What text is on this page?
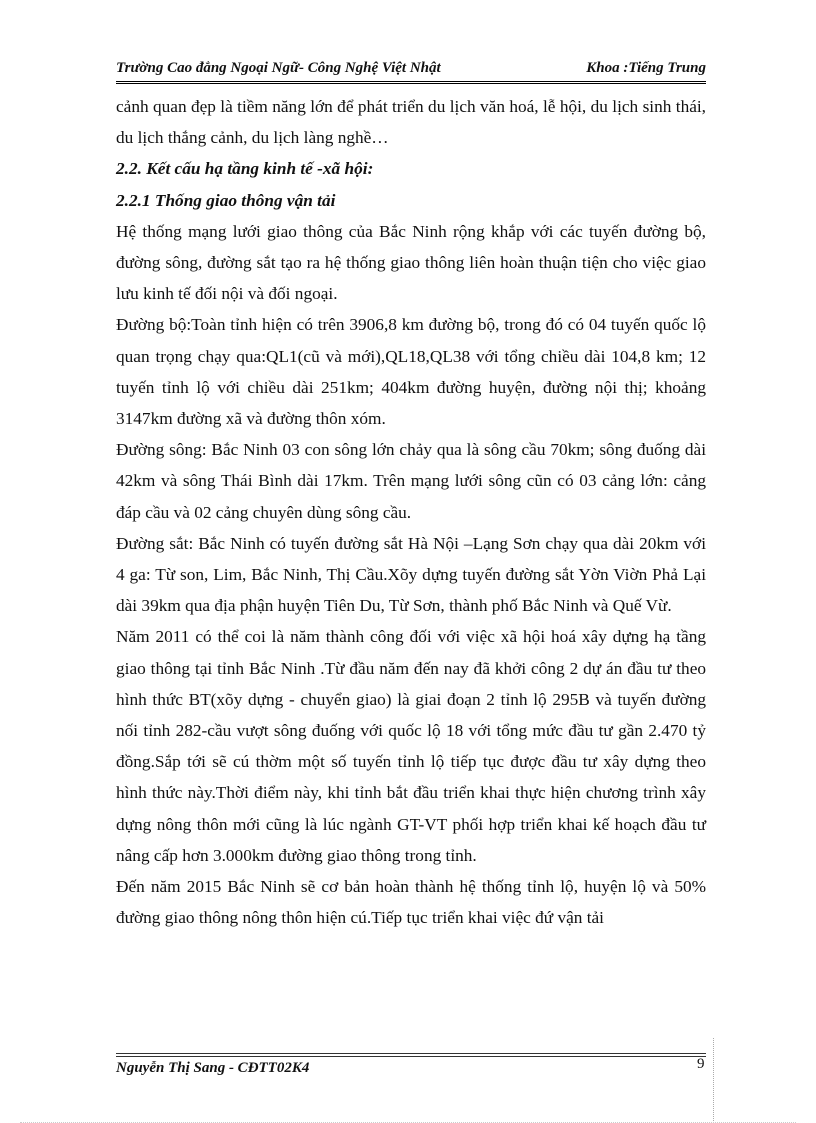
Trường Cao đẳng Ngoại Ngữ- Công Nghệ Việt Nhật	Khoa :Tiếng Trung

cảnh quan đẹp là tiềm năng lớn để phát triển du lịch văn hoá, lễ hội, du lịch sinh thái, du lịch thắng cảnh, du lịch làng nghề…

2.2. Kết cấu hạ tầng kinh tế -xã hội:
2.2.1 Thống giao thông vận tải

Hệ thống mạng lưới giao thông của Bắc Ninh rộng khắp với các tuyến đường bộ, đường sông, đường sắt tạo ra hệ thống giao thông liên hoàn thuận tiện cho việc giao lưu kinh tế đối nội và đối ngoại.

Đường bộ:Toàn tỉnh hiện có trên 3906,8 km đường bộ, trong đó có 04 tuyến quốc lộ quan trọng chạy qua:QL1(cũ và mới),QL18,QL38 với tổng chiều dài 104,8 km; 12 tuyến tỉnh lộ với chiều dài 251km; 404km đường huyện, đường nội thị; khoảng 3147km đường xã và đường thôn xóm.

Đường sông: Bắc Ninh 03 con sông lớn chảy qua là sông cầu 70km; sông đuống dài 42km và sông Thái Bình dài 17km. Trên mạng lưới sông cũn có 03 cảng lớn: cảng đáp cầu và 02 cảng chuyên dùng sông cầu.

Đường sắt: Bắc Ninh có tuyến đường sắt Hà Nội –Lạng Sơn chạy qua dài 20km với 4 ga: Từ son, Lim, Bắc Ninh, Thị Cầu.Xõy dựng tuyến đường sắt Yờn Viờn Phả Lại dài 39km qua địa phận huyện Tiên Du, Từ Sơn, thành phố Bắc Ninh và Quế Vừ.

Năm 2011 có thể coi là năm thành công đối với việc xã hội hoá xây dựng hạ tầng giao thông tại tỉnh Bắc Ninh .Từ đầu năm đến nay đã khởi công 2 dự án đầu tư theo hình thức BT(xõy dựng - chuyển giao) là giai đoạn 2 tỉnh lộ 295B và tuyến đường nối tỉnh 282-cầu vượt sông đuống với quốc lộ 18 với tổng mức đầu tư gần 2.470 tỷ đồng.Sắp tới sẽ cú thờm một số tuyến tỉnh lộ tiếp tục được đầu tư xây dựng theo hình thức này.Thời điểm này, khi tỉnh bắt đầu triển khai thực hiện chương trình xây dựng nông thôn mới cũng là lúc ngành GT-VT phối hợp triển khai kế hoạch đầu tư nâng cấp hơn 3.000km đường giao thông trong tỉnh.

Đến năm 2015 Bắc Ninh sẽ cơ bản hoàn thành hệ thống tỉnh lộ, huyện lộ và 50% đường giao thông nông thôn hiện cú.Tiếp tục triển khai việc đứ vận tải

Nguyễn Thị Sang - CĐTT02K4	9
